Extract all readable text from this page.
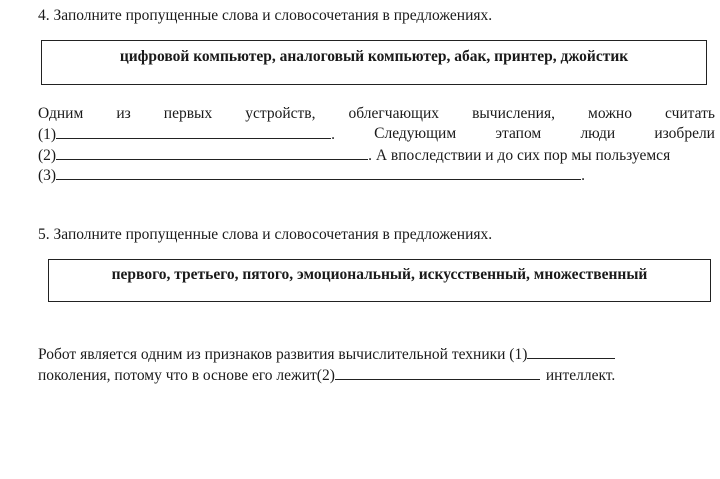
4. Заполните пропущенные слова и словосочетания в предложениях.
цифровой компьютер, аналоговый компьютер, абак, принтер, джойстик
Одним из первых устройств, облегчающих вычисления, можно считать
(1)	.	Следующим	этапом	люди	изобрели
(2)	. А впоследствии и до сих пор мы пользуемся
(3)	.
5. Заполните пропущенные слова и словосочетания в предложениях.
первого, третьего, пятого, эмоциональный, искусственный, множественный
Робот является одним из признаков развития вычислительной техники (1)
поколения, потому что в основе его лежит(2)	интеллект.
